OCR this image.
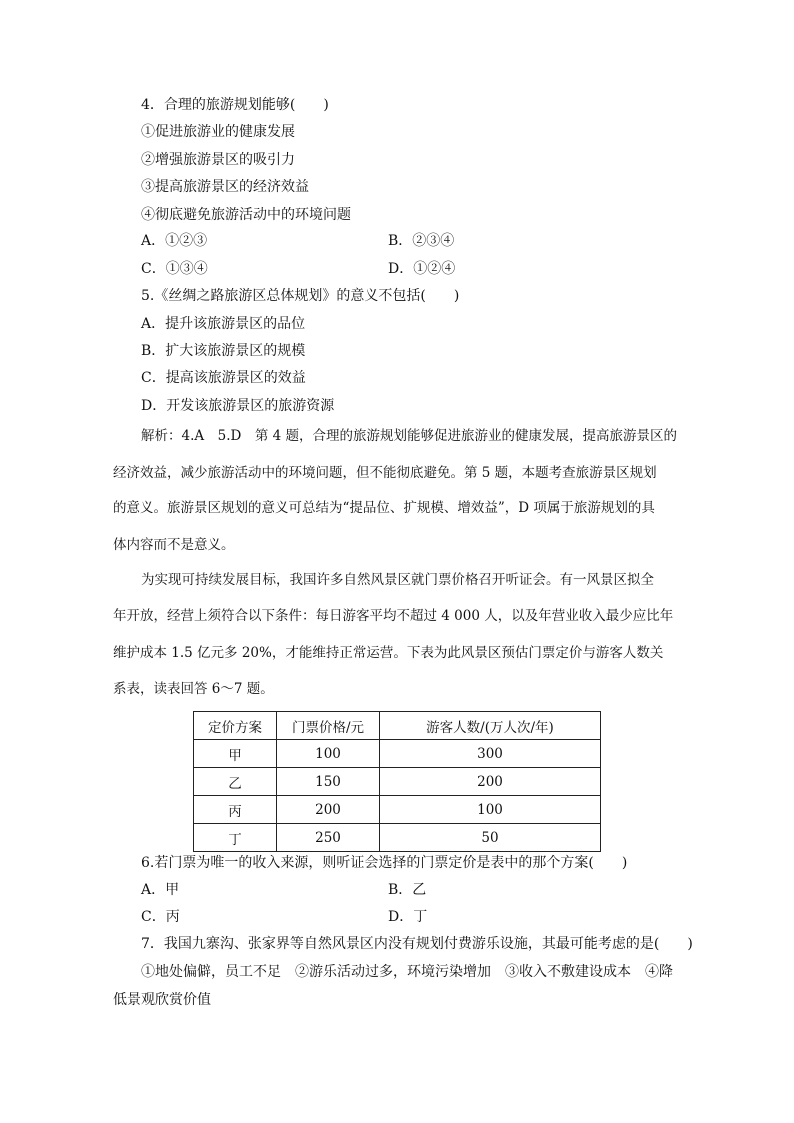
4．合理的旅游规划能够(　　)
①促进旅游业的健康发展
②增强旅游景区的吸引力
③提高旅游景区的经济效益
④彻底避免旅游活动中的环境问题
A．①②③	B．②③④
C．①③④	D．①②④
5.《丝绸之路旅游区总体规划》的意义不包括(　　)
A．提升该旅游景区的品位
B．扩大该旅游景区的规模
C．提高该旅游景区的效益
D．开发该旅游景区的旅游资源
解析：4.A　5.D　第 4 题，合理的旅游规划能够促进旅游业的健康发展，提高旅游景区的
经济效益，减少旅游活动中的环境问题，但不能彻底避免。第 5 题，本题考查旅游景区规划
的意义。旅游景区规划的意义可总结为“提品位、扩规模、增效益”，D 项属于旅游规划的具
体内容而不是意义。
为实现可持续发展目标，我国许多自然风景区就门票价格召开听证会。有一风景区拟全
年开放，经营上须符合以下条件：每日游客平均不超过 4 000 人，以及年营业收入最少应比年
维护成本 1.5 亿元多 20%，才能维持正常运营。下表为此风景区预估门票定价与游客人数关
系表，读表回答 6～7 题。
定价方案	门票价格/元	游客人数/(万人次/年)
甲	100	300
乙	150	200
丙	200	100
丁	250	50
6.若门票为唯一的收入来源，则听证会选择的门票定价是表中的那个方案(　　)
A．甲	B．乙
C．丙	D．丁
7．我国九寨沟、张家界等自然风景区内没有规划付费游乐设施，其最可能考虑的是(　　)
①地处偏僻，员工不足　②游乐活动过多，环境污染增加　③收入不敷建设成本　④降
低景观欣赏价值
